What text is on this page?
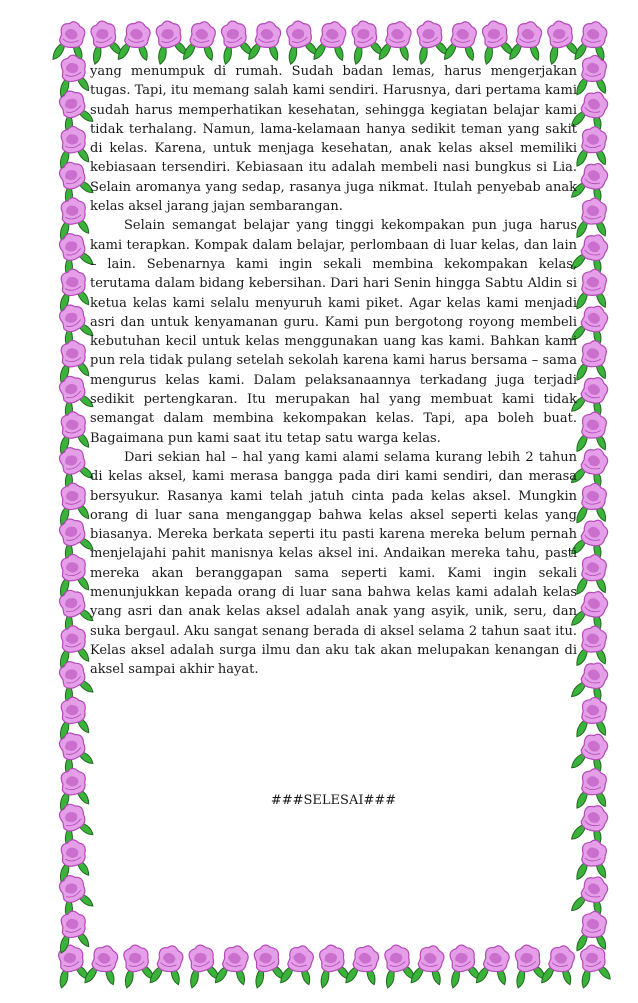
yang menumpuk di rumah. Sudah badan lemas, harus mengerjakan tugas. Tapi, itu memang salah kami sendiri. Harusnya, dari pertama kami sudah harus memperhatikan kesehatan, sehingga kegiatan belajar kami tidak terhalang. Namun, lama-kelamaan hanya sedikit teman yang sakit di kelas. Karena, untuk menjaga kesehatan, anak kelas aksel memiliki kebiasaan tersendiri. Kebiasaan itu adalah membeli nasi bungkus si Lia. Selain aromanya yang sedap, rasanya juga nikmat. Itulah penyebab anak kelas aksel jarang jajan sembarangan.

Selain semangat belajar yang tinggi kekompakan pun juga harus kami terapkan. Kompak dalam belajar, perlombaan di luar kelas, dan lain – lain. Sebenarnya kami ingin sekali membina kekompakan kelas, terutama dalam bidang kebersihan. Dari hari Senin hingga Sabtu Aldin si ketua kelas kami selalu menyuruh kami piket. Agar kelas kami menjadi asri dan untuk kenyamanan guru. Kami pun bergotong royong membeli kebutuhan kecil untuk kelas menggunakan uang kas kami. Bahkan kami pun rela tidak pulang setelah sekolah karena kami harus bersama – sama mengurus kelas kami. Dalam pelaksanaannya terkadang juga terjadi sedikit pertengkaran. Itu merupakan hal yang membuat kami tidak semangat dalam membina kekompakan kelas. Tapi, apa boleh buat. Bagaimana pun kami saat itu tetap satu warga kelas.

Dari sekian hal – hal yang kami alami selama kurang lebih 2 tahun di kelas aksel, kami merasa bangga pada diri kami sendiri, dan merasa bersyukur. Rasanya kami telah jatuh cinta pada kelas aksel. Mungkin orang di luar sana menganggap bahwa kelas aksel seperti kelas yang biasanya. Mereka berkata seperti itu pasti karena mereka belum pernah menjelajahi pahit manisnya kelas aksel ini. Andaikan mereka tahu, pasti mereka akan beranggapan sama seperti kami. Kami ingin sekali menunjukkan kepada orang di luar sana bahwa kelas kami adalah kelas yang asri dan anak kelas aksel adalah anak yang asyik, unik, seru, dan suka bergaul. Aku sangat senang berada di aksel selama 2 tahun saat itu. Kelas aksel adalah surga ilmu dan aku tak akan melupakan kenangan di aksel sampai akhir hayat.

###SELESAI###
